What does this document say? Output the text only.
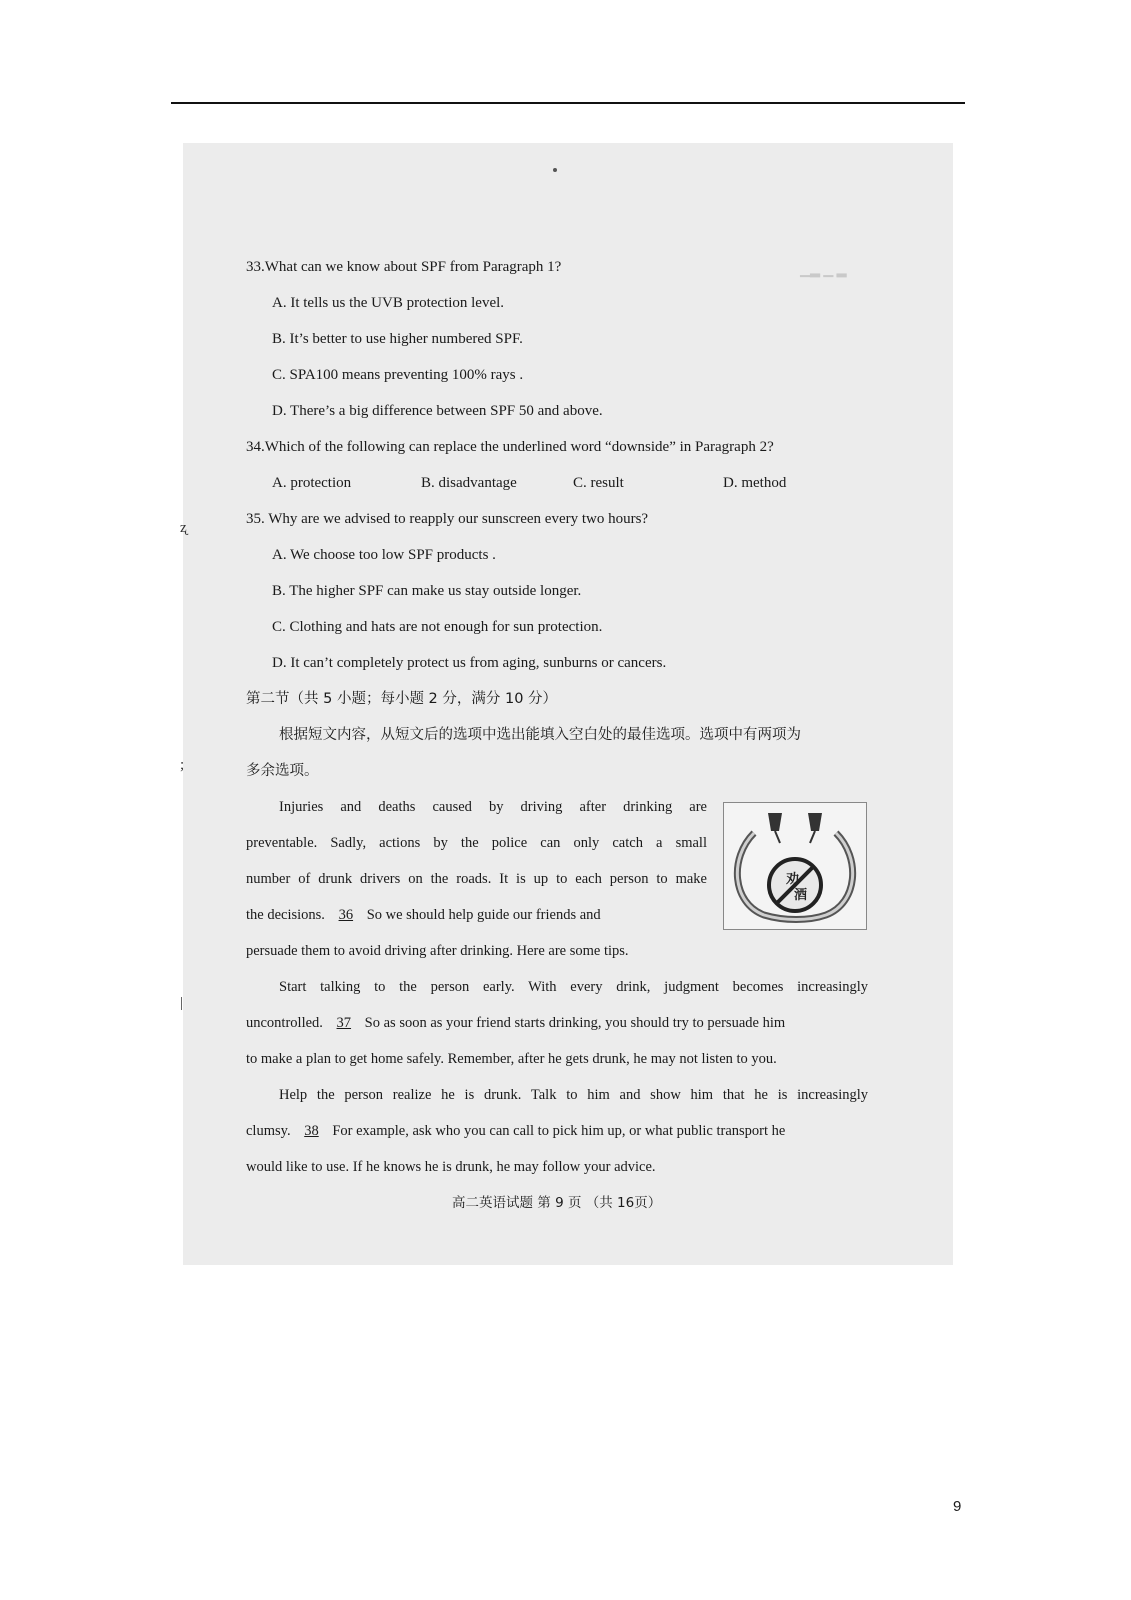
▁▂ ▁ ▂
ʐ
;
|
33.What can we know about SPF from Paragraph 1?
A. It tells us the UVB protection level.
B. It’s better to use higher numbered SPF.
C. SPA100 means preventing 100% rays .
D. There’s a big difference between SPF 50 and above.
34.Which of the following can replace the underlined word “downside” in Paragraph 2?
A. protection	B. disadvantage	C. result	D. method
35. Why are we advised to reapply our sunscreen every two hours?
A. We choose too low SPF products .
B. The higher SPF can make us stay outside longer.
C. Clothing and hats are not enough for sun protection.
D. It can’t completely protect us from aging, sunburns or cancers.
第二节（共 5 小题；每小题 2 分，满分 10 分）
根据短文内容，从短文后的选项中选出能填入空白处的最佳选项。选项中有两项为
多余选项。
Injuries and deaths caused by driving after drinking are
preventable. Sadly, actions by the police can only catch a small
number of drunk drivers on the roads. It is up to each person to make
the decisions. 36 So we should help guide our friends and
persuade them to avoid driving after drinking. Here are some tips.
劝
酒
Start talking to the person early. With every drink, judgment becomes increasingly
uncontrolled. 37 So as soon as your friend starts drinking, you should try to persuade him
to make a plan to get home safely. Remember, after he gets drunk, he may not listen to you.
Help the person realize he is drunk. Talk to him and show him that he is increasingly
clumsy. 38 For example, ask who you can call to pick him up, or what public transport he
would like to use. If he knows he is drunk, he may follow your advice.
高二英语试题 第 9 页 （共 16页）
9
